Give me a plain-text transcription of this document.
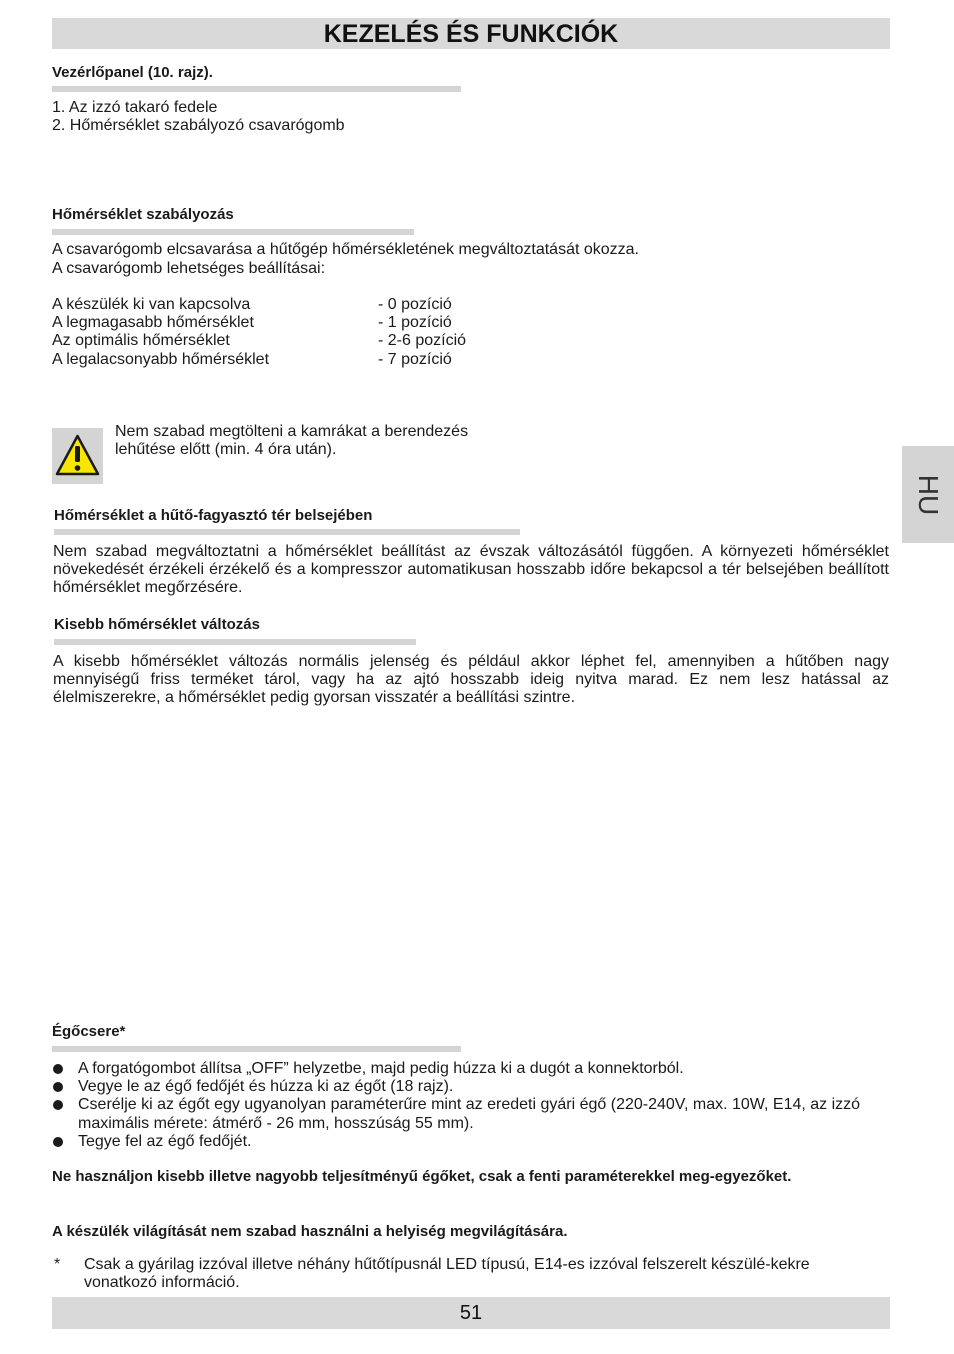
KEZELÉS ÉS FUNKCIÓK
HU
Vezérlőpanel (10. rajz).
1. Az izzó takaró fedele
2. Hőmérséklet szabályozó csavarógomb
Hőmérséklet szabályozás
A csavarógomb elcsavarása a hűtőgép hőmérsékletének megváltoztatását okozza.
A csavarógomb lehetséges beállításai:
A készülék ki van kapcsolva	- 0 pozíció
A legmagasabb hőmérséklet	- 1 pozíció
Az optimális hőmérséklet	- 2-6 pozíció
A legalacsonyabb hőmérséklet	- 7 pozíció
Nem szabad megtölteni a kamrákat a berendezés
lehűtése előtt (min. 4 óra után).
Hőmérséklet a hűtő-fagyasztó tér belsejében
Nem szabad megváltoztatni a hőmérséklet beállítást az évszak változásától függően. A környezeti hőmérséklet növekedését érzékeli érzékelő és a kompresszor automatikusan hosszabb időre bekapcsol a tér belsejében beállított hőmérséklet megőrzésére.
Kisebb hőmérséklet változás
A kisebb hőmérséklet változás normális jelenség és például akkor léphet fel, amennyiben a hűtőben nagy mennyiségű friss terméket tárol, vagy ha az ajtó hosszabb ideig nyitva marad. Ez nem lesz hatással az élelmiszerekre, a hőmérséklet pedig gyorsan visszatér a beállítási szintre.
Égőcsere*
A forgatógombot állítsa „OFF” helyzetbe, majd pedig húzza ki a dugót a konnektorból.
Vegye le az égő fedőjét és húzza ki az égőt (18 rajz).
Cserélje ki az égőt egy ugyanolyan paraméterűre mint az eredeti gyári égő (220-240V, max. 10W, E14, az izzó maximális mérete: átmérő - 26 mm, hosszúság 55 mm).
Tegye fel az égő fedőjét.
Ne használjon kisebb illetve nagyobb teljesítményű égőket, csak a fenti paraméterekkel meg-egyezőket.
A készülék világítását nem szabad használni a helyiség megvilágítására.
* Csak a gyárilag izzóval illetve néhány hűtőtípusnál LED típusú, E14-es izzóval felszerelt készülé-kekre vonatkozó információ.
51
